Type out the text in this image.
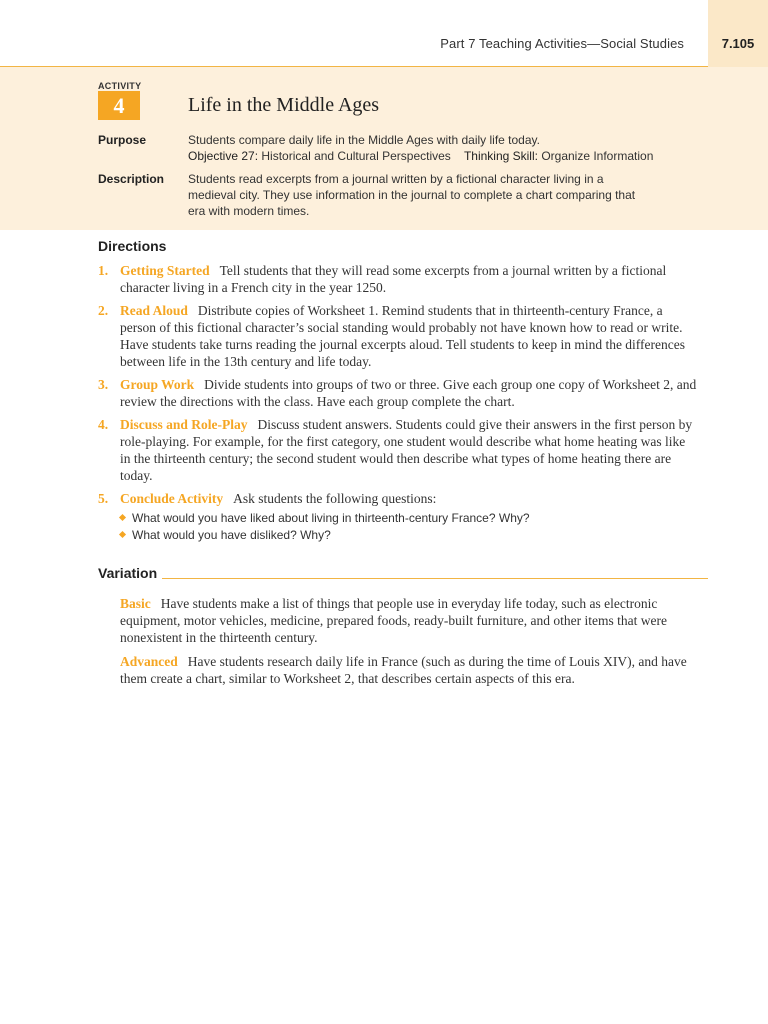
Part 7 Teaching Activities—Social Studies	7.105
ACTIVITY
4	Life in the Middle Ages
Purpose	Students compare daily life in the Middle Ages with daily life today.
Objective 27: Historical and Cultural Perspectives Thinking Skill: Organize Information
Description Students read excerpts from a journal written by a fictional character living in a medieval city. They use information in the journal to complete a chart comparing that era with modern times.
Directions
1. Getting Started Tell students that they will read some excerpts from a journal written by a fictional character living in a French city in the year 1250.
2. Read Aloud Distribute copies of Worksheet 1. Remind students that in thirteenth-century France, a person of this fictional character’s social standing would probably not have known how to read or write. Have students take turns reading the journal excerpts aloud. Tell students to keep in mind the differences between life in the 13th century and life today.
3. Group Work Divide students into groups of two or three. Give each group one copy of Worksheet 2, and review the directions with the class. Have each group complete the chart.
4. Discuss and Role-Play Discuss student answers. Students could give their answers in the first person by role-playing. For example, for the first category, one student would describe what home heating was like in the thirteenth century; the second student would then describe what types of home heating there are today.
5. Conclude Activity Ask students the following questions:
What would you have liked about living in thirteenth-century France? Why?
What would you have disliked? Why?
Variation
Basic Have students make a list of things that people use in everyday life today, such as electronic equipment, motor vehicles, medicine, prepared foods, ready-built furniture, and other items that were nonexistent in the thirteenth century.
Advanced Have students research daily life in France (such as during the time of Louis XIV), and have them create a chart, similar to Worksheet 2, that describes certain aspects of this era.
